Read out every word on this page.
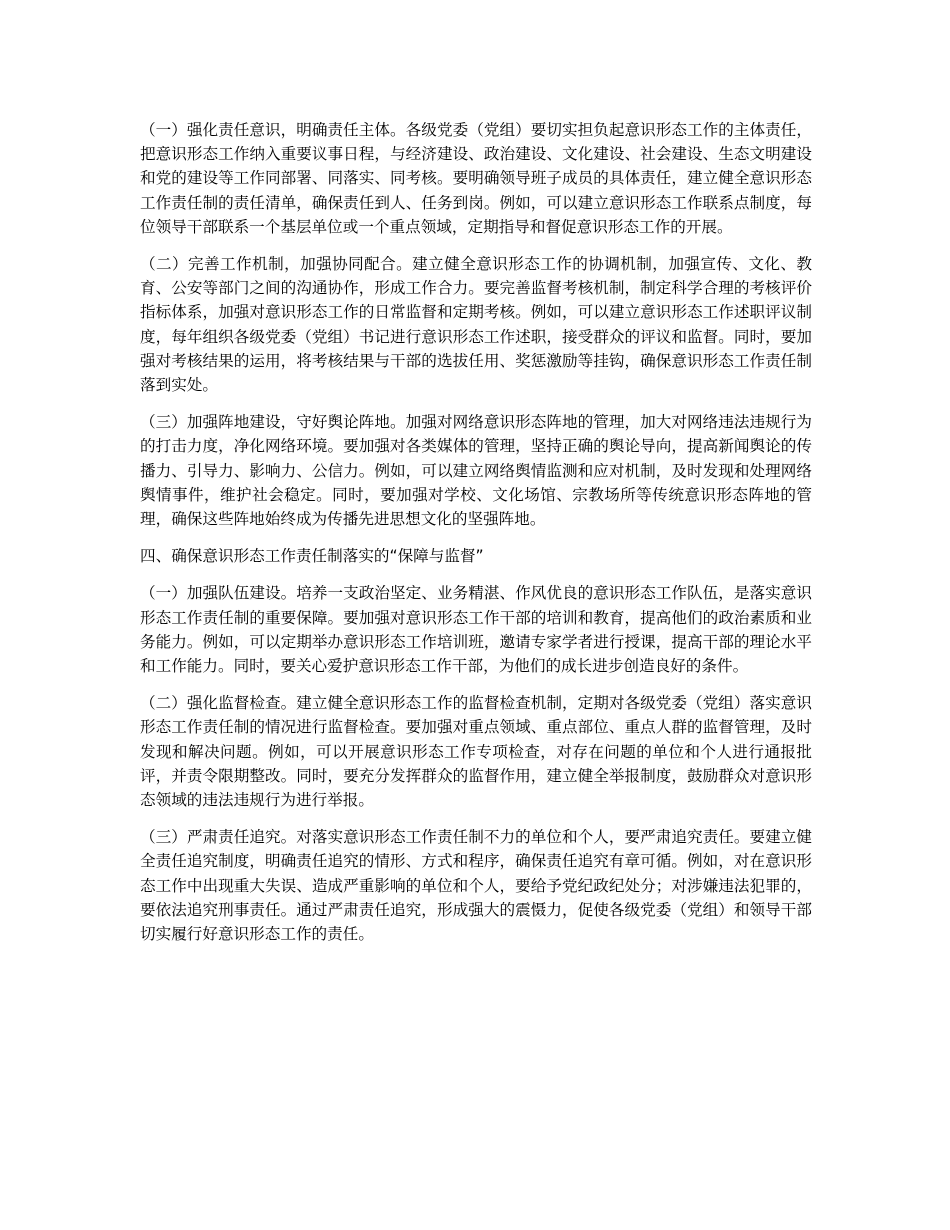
（一）强化责任意识，明确责任主体。各级党委（党组）要切实担负起意识形态工作的主体责任，把意识形态工作纳入重要议事日程，与经济建设、政治建设、文化建设、社会建设、生态文明建设和党的建设等工作同部署、同落实、同考核。要明确领导班子成员的具体责任，建立健全意识形态工作责任制的责任清单，确保责任到人、任务到岗。例如，可以建立意识形态工作联系点制度，每位领导干部联系一个基层单位或一个重点领域，定期指导和督促意识形态工作的开展。

（二）完善工作机制，加强协同配合。建立健全意识形态工作的协调机制，加强宣传、文化、教育、公安等部门之间的沟通协作，形成工作合力。要完善监督考核机制，制定科学合理的考核评价指标体系，加强对意识形态工作的日常监督和定期考核。例如，可以建立意识形态工作述职评议制度，每年组织各级党委（党组）书记进行意识形态工作述职，接受群众的评议和监督。同时，要加强对考核结果的运用，将考核结果与干部的选拔任用、奖惩激励等挂钩，确保意识形态工作责任制落到实处。

（三）加强阵地建设，守好舆论阵地。加强对网络意识形态阵地的管理，加大对网络违法违规行为的打击力度，净化网络环境。要加强对各类媒体的管理，坚持正确的舆论导向，提高新闻舆论的传播力、引导力、影响力、公信力。例如，可以建立网络舆情监测和应对机制，及时发现和处理网络舆情事件，维护社会稳定。同时，要加强对学校、文化场馆、宗教场所等传统意识形态阵地的管理，确保这些阵地始终成为传播先进思想文化的坚强阵地。

四、确保意识形态工作责任制落实的“保障与监督”

（一）加强队伍建设。培养一支政治坚定、业务精湛、作风优良的意识形态工作队伍，是落实意识形态工作责任制的重要保障。要加强对意识形态工作干部的培训和教育，提高他们的政治素质和业务能力。例如，可以定期举办意识形态工作培训班，邀请专家学者进行授课，提高干部的理论水平和工作能力。同时，要关心爱护意识形态工作干部，为他们的成长进步创造良好的条件。

（二）强化监督检查。建立健全意识形态工作的监督检查机制，定期对各级党委（党组）落实意识形态工作责任制的情况进行监督检查。要加强对重点领域、重点部位、重点人群的监督管理，及时发现和解决问题。例如，可以开展意识形态工作专项检查，对存在问题的单位和个人进行通报批评，并责令限期整改。同时，要充分发挥群众的监督作用，建立健全举报制度，鼓励群众对意识形态领域的违法违规行为进行举报。

（三）严肃责任追究。对落实意识形态工作责任制不力的单位和个人，要严肃追究责任。要建立健全责任追究制度，明确责任追究的情形、方式和程序，确保责任追究有章可循。例如，对在意识形态工作中出现重大失误、造成严重影响的单位和个人，要给予党纪政纪处分；对涉嫌违法犯罪的，要依法追究刑事责任。通过严肃责任追究，形成强大的震慑力，促使各级党委（党组）和领导干部切实履行好意识形态工作的责任。
